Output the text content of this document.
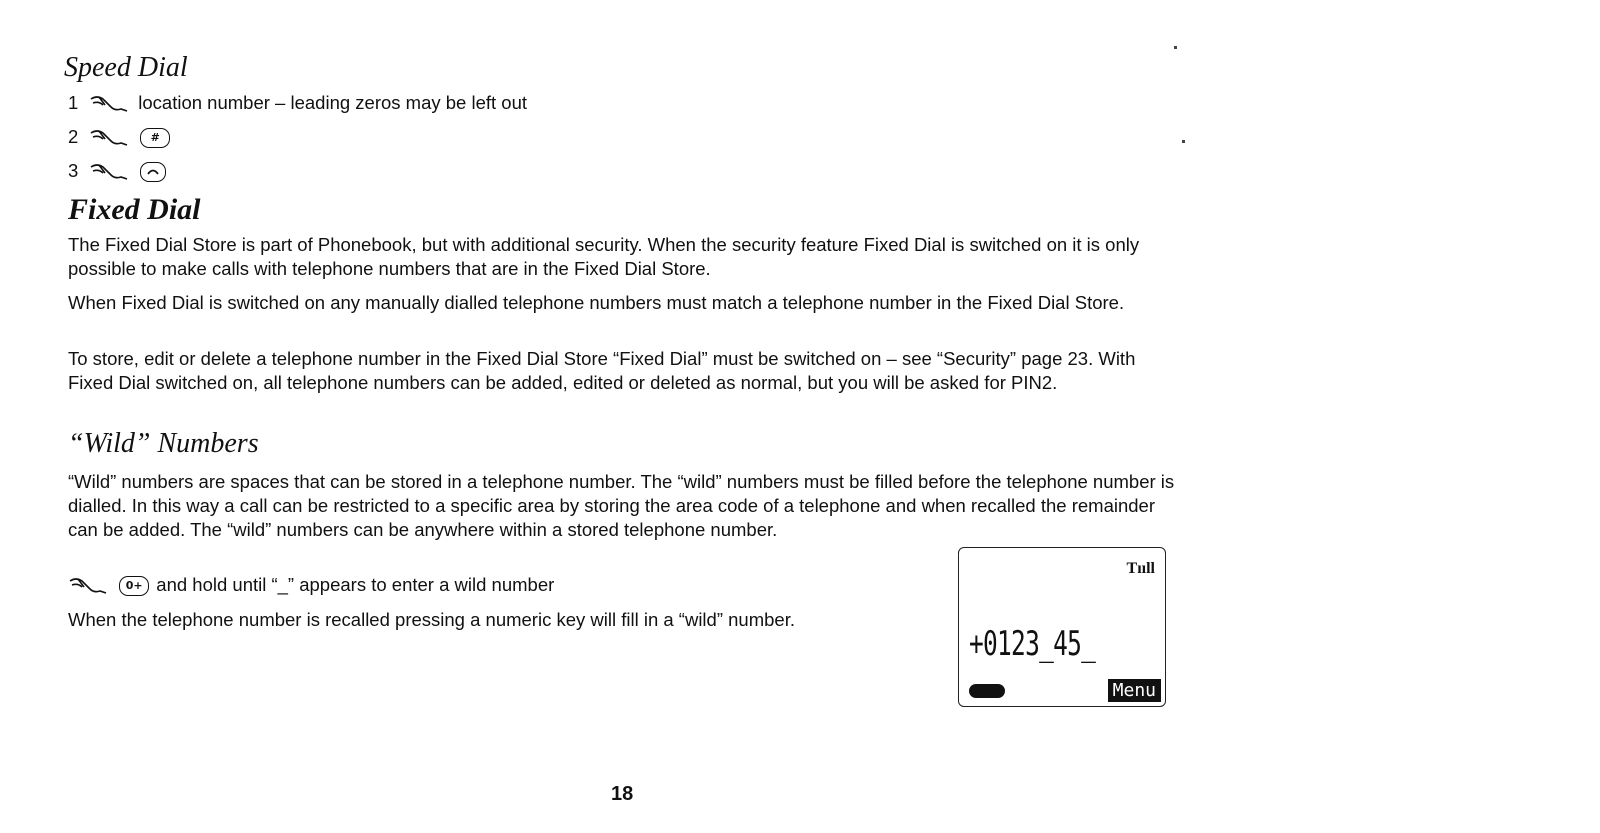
Speed Dial
1	location number – leading zeros may be left out
2	#
3

Fixed Dial
The Fixed Dial Store is part of Phonebook, but with additional security. When the security feature Fixed Dial is switched on it is only possible to make calls with telephone numbers that are in the Fixed Dial Store.
When Fixed Dial is switched on any manually dialled telephone numbers must match a telephone number in the Fixed Dial Store.
To store, edit or delete a telephone number in the Fixed Dial Store “Fixed Dial” must be switched on – see “Security” page 23. With Fixed Dial switched on, all telephone numbers can be added, edited or deleted as normal, but you will be asked for PIN2.
“Wild” Numbers
“Wild” numbers are spaces that can be stored in a telephone number. The “wild” numbers must be filled before the telephone number is dialled. In this way a call can be restricted to a specific area by storing the area code of a telephone and when recalled the remainder can be added. The “wild” numbers can be anywhere within a stored telephone number.
0+ and hold until “_” appears to enter a wild number
When the telephone number is recalled pressing a numeric key will fill in a “wild” number.
Tııll
+0123_45_
Menu
18
